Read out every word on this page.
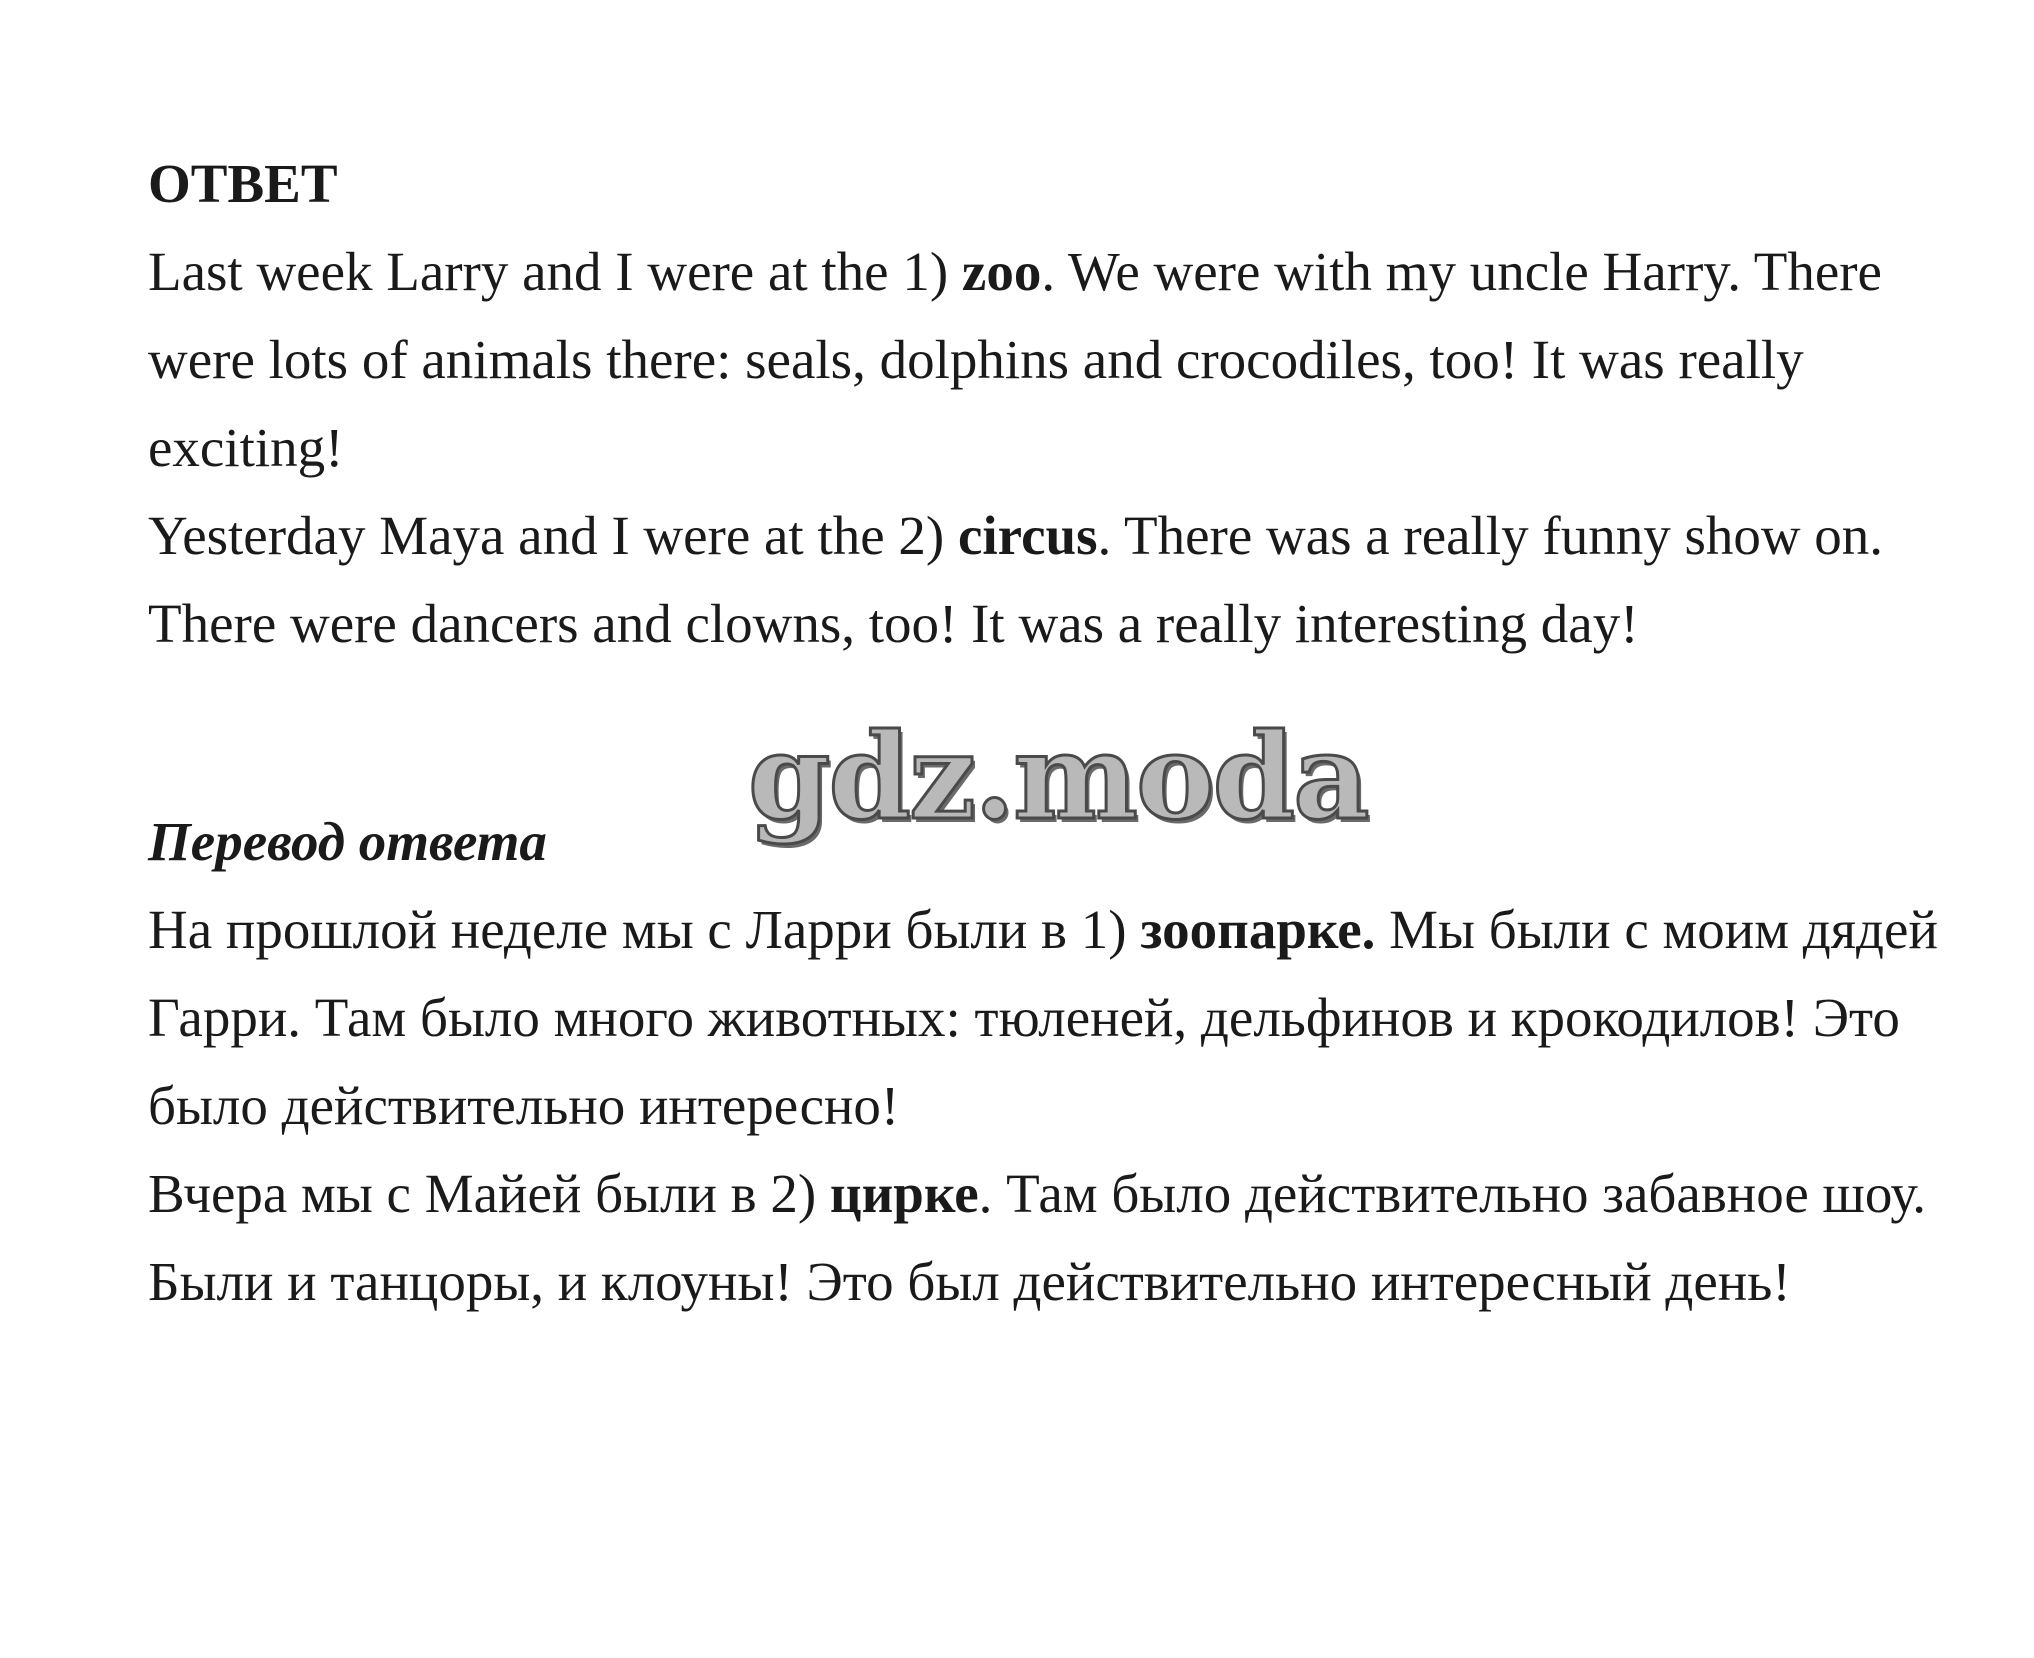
ОТВЕТ

Last week Larry and I were at the 1) zoo. We were with my uncle Harry. There were lots of animals there: seals, dolphins and crocodiles, too! It was really exciting!

Yesterday Maya and I were at the 2) circus. There was a really funny show on. There were dancers and clowns, too! It was a really interesting day!

Перевод ответа

На прошлой неделе мы с Ларри были в 1) зоопарке. Мы были с моим дядей Гарри. Там было много животных: тюленей, дельфинов и крокодилов! Это было действительно интересно!

Вчера мы с Майей были в 2) цирке. Там было действительно забавное шоу. Были и танцоры, и клоуны! Это был действительно интересный день!

gdz.moda
